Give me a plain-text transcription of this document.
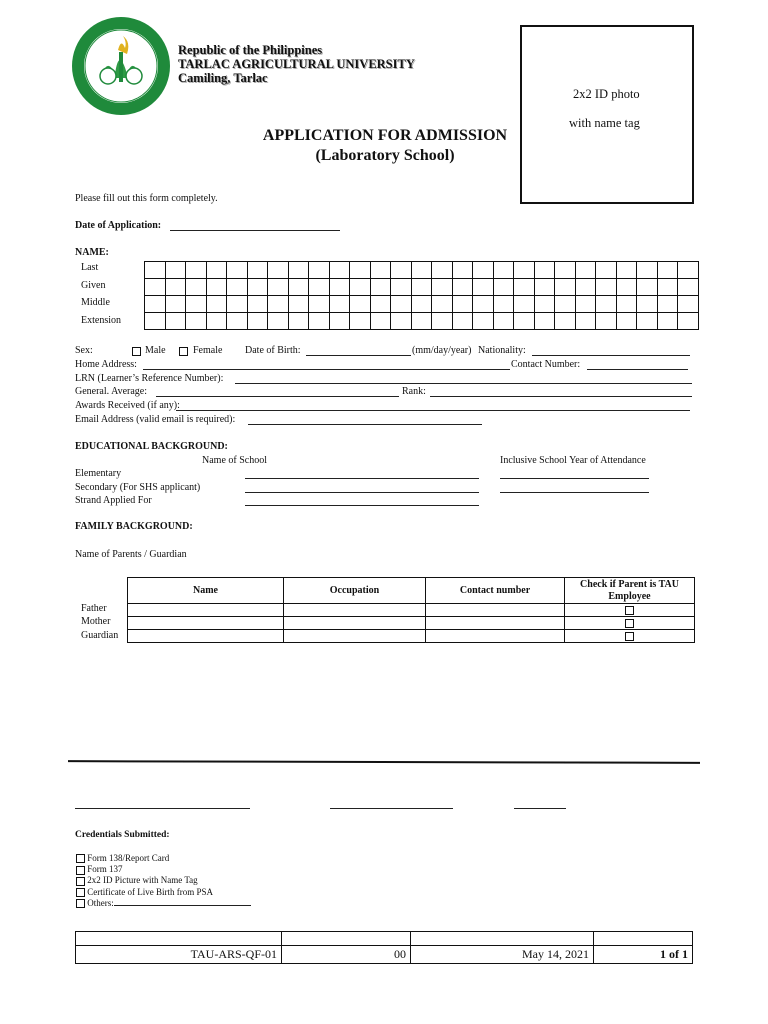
Republic of the Philippines
TARLAC AGRICULTURAL UNIVERSITY
Camiling, Tarlac
2x2 ID photo
with name tag
APPLICATION FOR ADMISSION
(Laboratory School)
Please fill out this form completely.
Date of Application:
NAME:
Last
Given
Middle
Extension

Sex:	Male	Female Date of Birth:	(mm/day/year) Nationality:
Home Address:	Contact Number:
LRN (Learner’s Reference Number):
General. Average:	Rank:
Awards Received (if any):
Email Address (valid email is required):
EDUCATIONAL BACKGROUND:
Name of School	Inclusive School Year of Attendance
Elementary
Secondary (For SHS applicant)
Strand Applied For
FAMILY BACKGROUND:
Name of Parents / Guardian
Father
Mother
Guardian
Name	Occupation	Contact number	Check if Parent is TAU Employee

Credentials Submitted:
Form 138/Report Card
Form 137
2x2 ID Picture with Name Tag
Certificate of Live Birth from PSA
Others:

TAU-ARS-QF-01	00	May 14, 2021	1 of 1
